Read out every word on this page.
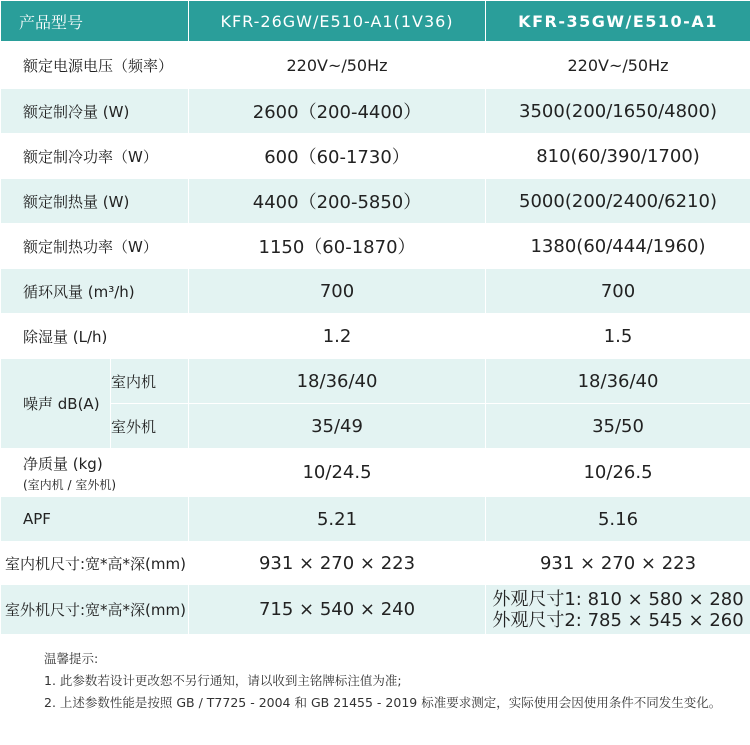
产品型号		KFR-26GW/E510-A1(1V36)	KFR-35GW/E510-A1
额定电源电压（频率）		220V~/50Hz	220V~/50Hz
额定制冷量 (W)		2600（200-4400）	3500(200/1650/4800)
额定制冷功率（W）		600（60-1730）	810(60/390/1700)
额定制热量 (W)		4400（200-5850）	5000(200/2400/6210)
额定制热功率（W）		1150（60-1870）	1380(60/444/1960)
循环风量 (m³/h)		700	700
除湿量 (L/h)		1.2	1.5
噪声 dB(A)	室内机	18/36/40	18/36/40
	室外机	35/49	35/50
净质量 (kg)
(室内机 / 室外机)		10/24.5	10/26.5
APF		5.21	5.16
室内机尺寸:宽*高*深(mm)		931 × 270 × 223	931 × 270 × 223
室外机尺寸:宽*高*深(mm)		715 × 540 × 240	外观尺寸1: 810 × 580 × 280
外观尺寸2: 785 × 545 × 260
温馨提示:
1. 此参数若设计更改恕不另行通知，请以收到主铭牌标注值为准;
2. 上述参数性能是按照 GB / T7725 - 2004 和 GB 21455 - 2019 标准要求测定，实际使用会因使用条件不同发生变化。
